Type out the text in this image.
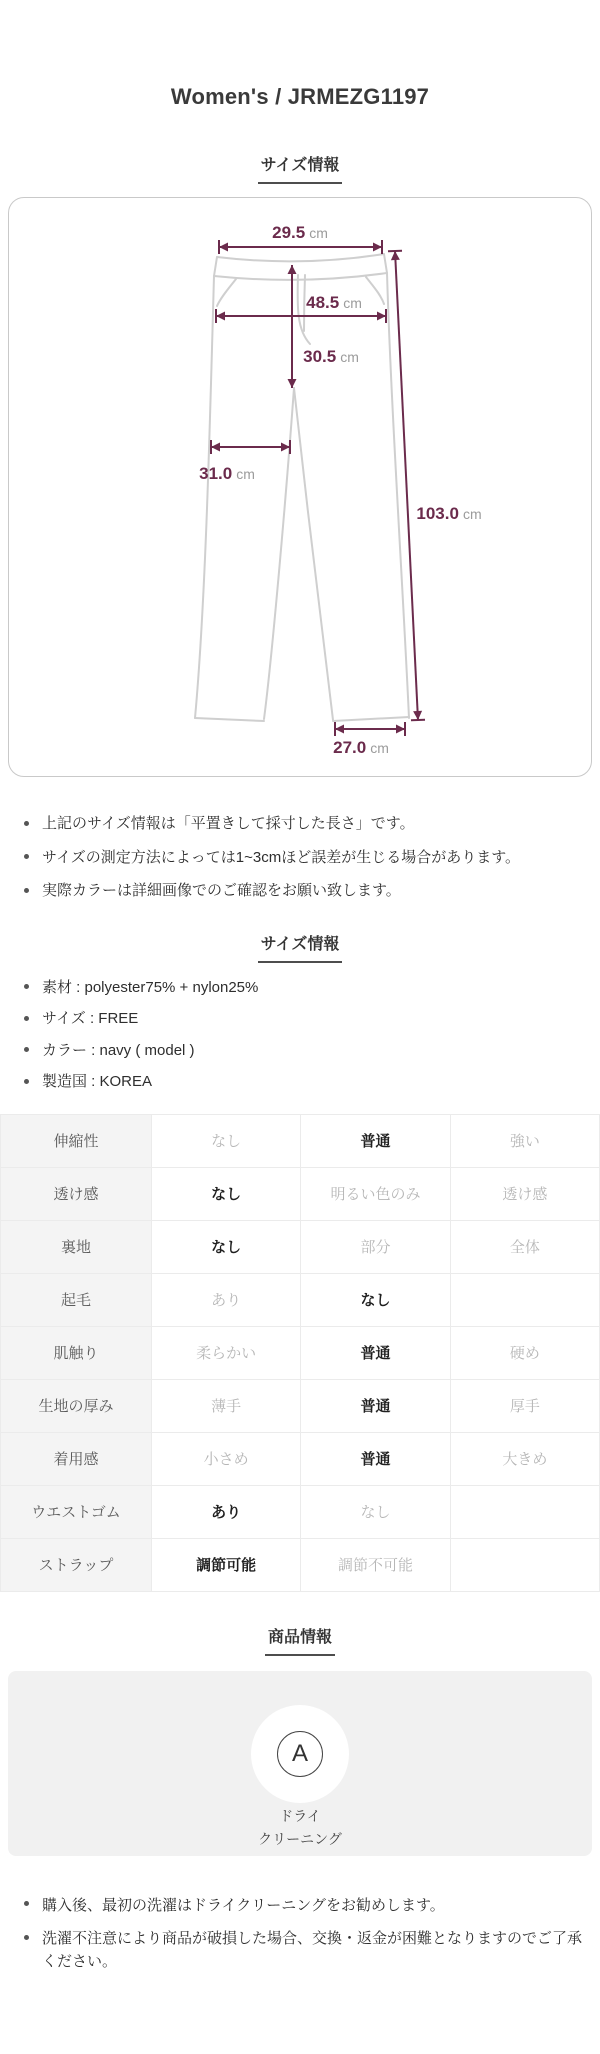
Women's / JRMEZG1197
サイズ情報
29.5 cm
48.5 cm
30.5 cm
31.0 cm
103.0 cm
27.0 cm
上記のサイズ情報は「平置きして採寸した長さ」です。
サイズの測定方法によっては1~3cmほど誤差が生じる場合があります。
実際カラーは詳細画像でのご確認をお願い致します。
サイズ情報
素材 : polyester75% + nylon25%
サイズ : FREE
カラー : navy ( model )
製造国 : KOREA
伸縮性	なし	普通	強い
透け感	なし	明るい色のみ	透け感
裏地	なし	部分	全体
起毛	あり	なし	
肌触り	柔らかい	普通	硬め
生地の厚み	薄手	普通	厚手
着用感	小さめ	普通	大きめ
ウエストゴム	あり	なし	
ストラップ	調節可能	調節不可能	
商品情報
A
ドライ
クリーニング
購入後、最初の洗濯はドライクリーニングをお勧めします。
洗濯不注意により商品が破損した場合、交換・返金が困難となりますのでご了承ください。
